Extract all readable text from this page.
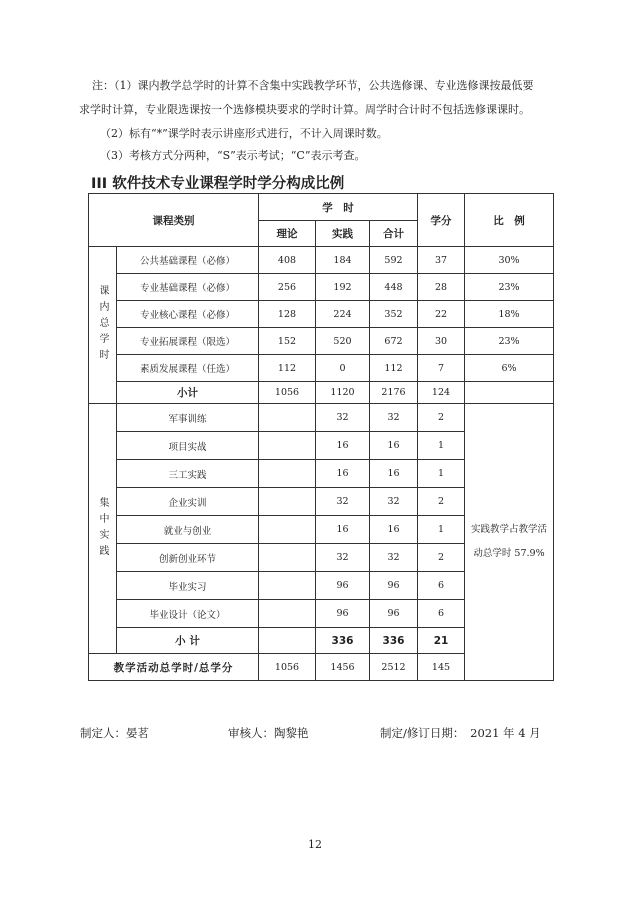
注：（1）课内教学总学时的计算不含集中实践教学环节，公共选修课、专业选修课按最低要
求学时计算，专业限选课按一个选修模块要求的学时计算。周学时合计时不包括选修课课时。
（2）标有“*”课学时表示讲座形式进行，不计入周课时数。
（3）考核方式分两种，“S”表示考试；“C”表示考查。
III 软件技术专业课程学时学分构成比例
课程类别		学　时			学分	比　例
		理论	实践	合计		
课内总学时	公共基础课程（必修）	408	184	592	37	30%
	专业基础课程（必修）	256	192	448	28	23%
	专业核心课程（必修）	128	224	352	22	18%
	专业拓展课程（限选）	152	520	672	30	23%
	素质发展课程（任选）	112	0	112	7	6%
	小计	1056	1120	2176	124	
集中实践	军事训练		32	32	2	实践教学占教学活动总学时 57.9%
	项目实战		16	16	1	
	三工实践		16	16	1	
	企业实训		32	32	2	
	就业与创业		16	16	1	
	创新创业环节		32	32	2	
	毕业实习		96	96	6	
	毕业设计（论文）		96	96	6	
	小 计		336	336	21	
教学活动总学时/总学分		1056	1456	2512	145	
制定人：晏茗	审核人：陶黎艳	制定/修订日期：　2021 年 4 月
12
